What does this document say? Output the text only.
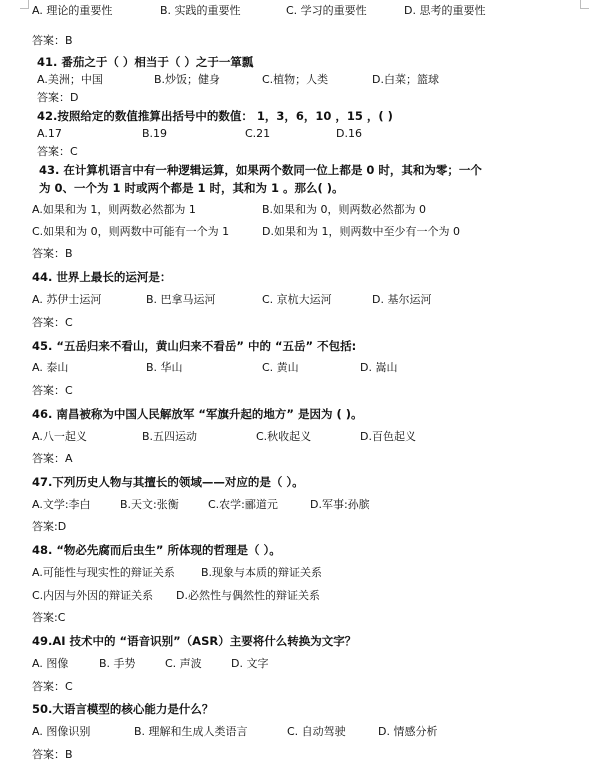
A. 理论的重要性	B. 实践的重要性	C. 学习的重要性	D. 思考的重要性
答案：B
41. 番茄之于（ ）相当于（ ）之于一箪瓢
A.美洲；中国	B.炒饭；健身	C.植物；人类	D.白菜；篮球
答案：D
42.按照给定的数值推算出括号中的数值： 1，3，6，10 ，15 ，( )
A.17	B.19	C.21	D.16
答案：C
43. 在计算机语言中有一种逻辑运算，如果两个数同一位上都是 0 时，其和为零；一个
为 0、一个为 1 时或两个都是 1 时，其和为 1 。那么( )。
A.如果和为 1，则两数必然都为 1	B.如果和为 0，则两数必然都为 0
C.如果和为 0，则两数中可能有一个为 1	D.如果和为 1，则两数中至少有一个为 0
答案：B
44. 世界上最长的运河是：
A. 苏伊士运河	B. 巴拿马运河	C. 京杭大运河	D. 基尔运河
答案：C
45. “五岳归来不看山，黄山归来不看岳” 中的 “五岳” 不包括:
A. 泰山	B. 华山	C. 黄山	D. 嵩山
答案：C
46. 南昌被称为中国人民解放军 “军旗升起的地方” 是因为 ( )。
A.八一起义	B.五四运动	C.秋收起义	D.百色起义
答案：A
47.下列历史人物与其擅长的领域——对应的是（ ）。
A.文学:李白	B.天文:张衡	C.农学:郦道元	D.军事:孙膑
答案:D
48. “物必先腐而后虫生” 所体现的哲理是（ ）。
A.可能性与现实性的辩证关系 B.现象与本质的辩证关系
C.内因与外因的辩证关系 D.必然性与偶然性的辩证关系
答案:C
49.AI 技术中的 “语音识别”（ASR）主要将什么转换为文字？
A. 图像	B. 手势	C. 声波	D. 文字
答案：C
50.大语言模型的核心能力是什么？
A. 图像识别	B. 理解和生成人类语言	C. 自动驾驶	D. 情感分析
答案：B
